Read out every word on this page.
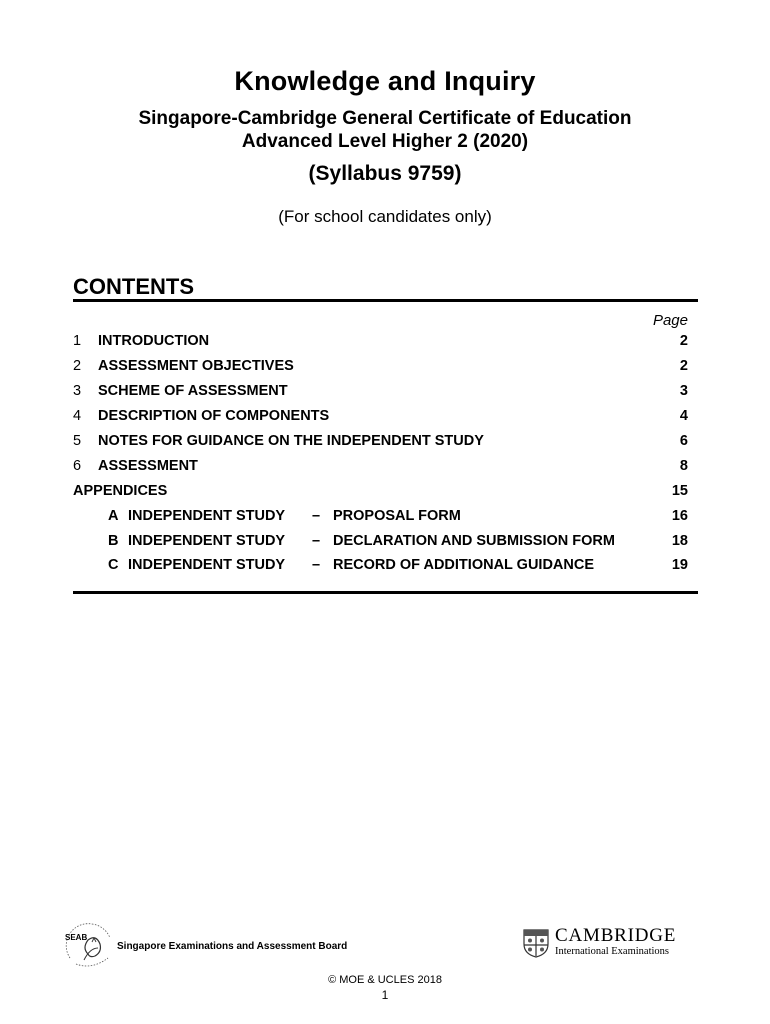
Knowledge and Inquiry
Singapore-Cambridge General Certificate of Education
Advanced Level Higher 2 (2020)
(Syllabus 9759)
(For school candidates only)
CONTENTS
Page
1 INTRODUCTION	2
2 ASSESSMENT OBJECTIVES	2
3 SCHEME OF ASSESSMENT	3
4 DESCRIPTION OF COMPONENTS	4
5 NOTES FOR GUIDANCE ON THE INDEPENDENT STUDY	6
6 ASSESSMENT	8
APPENDICES	15
A INDEPENDENT STUDY – PROPOSAL FORM	16
B INDEPENDENT STUDY – DECLARATION AND SUBMISSION FORM	18
C INDEPENDENT STUDY – RECORD OF ADDITIONAL GUIDANCE	19
SEAB
Singapore Examinations and Assessment Board
CAMBRIDGE
International Examinations
© MOE & UCLES 2018
1
